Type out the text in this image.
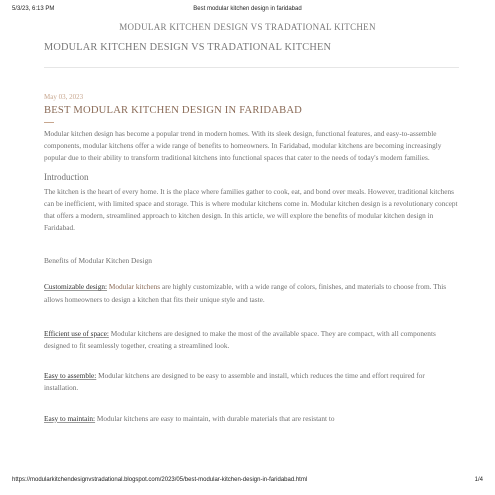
5/3/23, 6:13 PM	Best modular kitchen design in faridabad
MODULAR KITCHEN DESIGN VS TRADATIONAL KITCHEN
MODULAR KITCHEN DESIGN VS TRADATIONAL KITCHEN
May 03, 2023
BEST MODULAR KITCHEN DESIGN IN FARIDABAD

Modular kitchen design has become a popular trend in modern homes. With its sleek design, functional features, and easy-to-assemble components, modular kitchens offer a wide range of benefits to homeowners. In Faridabad, modular kitchens are becoming increasingly popular due to their ability to transform traditional kitchens into functional spaces that cater to the needs of today's modern families.

Introduction

The kitchen is the heart of every home. It is the place where families gather to cook, eat, and bond over meals. However, traditional kitchens can be inefficient, with limited space and storage. This is where modular kitchens come in. Modular kitchen design is a revolutionary concept that offers a modern, streamlined approach to kitchen design. In this article, we will explore the benefits of modular kitchen design in Faridabad.

Benefits of Modular Kitchen Design

Customizable design: Modular kitchens are highly customizable, with a wide range of colors, finishes, and materials to choose from. This allows homeowners to design a kitchen that fits their unique style and taste.

Efficient use of space: Modular kitchens are designed to make the most of the available space. They are compact, with all components designed to fit seamlessly together, creating a streamlined look.

Easy to assemble: Modular kitchens are designed to be easy to assemble and install, which reduces the time and effort required for installation.

Easy to maintain: Modular kitchens are easy to maintain, with durable materials that are resistant to

https://modularkitchendesignvstradational.blogspot.com/2023/05/best-modular-kitchen-design-in-faridabad.html	1/4
